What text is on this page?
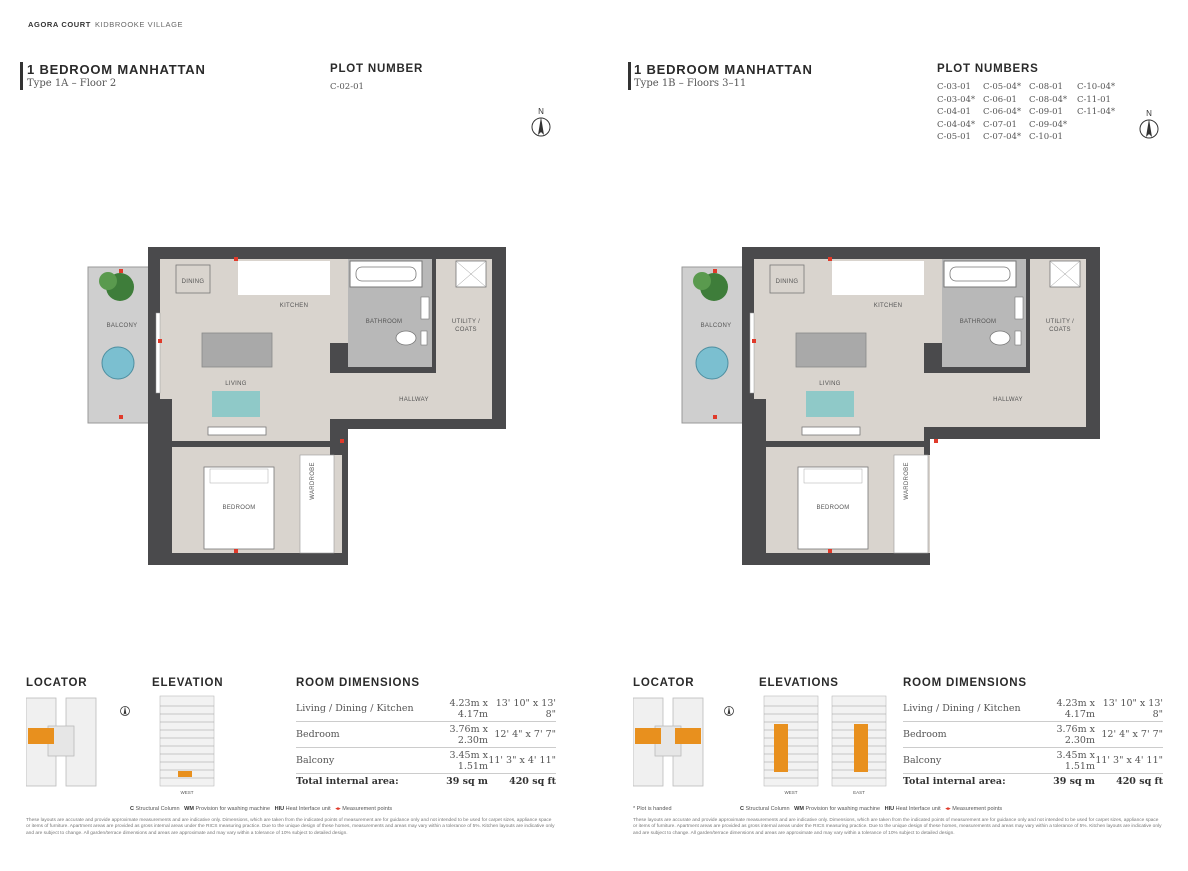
AGORA COURT KIDBROOKE VILLAGE
1 BEDROOM MANHATTAN
Type 1A – Floor 2
PLOT NUMBER
C-02-01
N
DINING
KITCHEN
BATHROOM	UTILITY /
COATS
BALCONY
LIVING
HALLWAY
BEDROOM
WARDROBE
LOCATOR	ELEVATION
WEST
ROOM DIMENSIONS
Living / Dining / Kitchen	4.23m x 4.17m	13' 10" x 13' 8"
Bedroom	3.76m x 2.30m	12' 4" x 7' 7"
Balcony	3.45m x 1.51m	11' 3" x 4' 11"
Total internal area:	39 sq m	420 sq ft
C Structural Column WM Provision for washing machine HIU Heat Interface unit ◂▸ Measurement points
These layouts are accurate and provide approximate measurements and are indicative only. Dimensions, which are taken from the indicated points of measurement are for guidance only and not intended to be used for carpet sizes, appliance space or items of furniture. Apartment areas are provided as gross internal areas under the RICS measuring practice. Due to the unique design of these homes, measurements and areas may vary within a tolerance of 5%. Kitchen layouts are indicative only and are subject to change. All garden/terrace dimensions and areas are approximate and may vary within a tolerance of 10% subject to detailed design.
1 BEDROOM MANHATTAN
Type 1B – Floors 3–11
PLOT NUMBERS
C-03-01	C-05-04* C-08-01	C-10-04*
C-03-04* C-06-01	C-08-04*	C-11-01
C-04-01	C-06-04* C-09-01	C-11-04*
C-04-04* C-07-01	C-09-04*
C-05-01	C-07-04* C-10-01
N
DINING
KITCHEN
BATHROOM	UTILITY /
COATS
BALCONY
LIVING
HALLWAY
BEDROOM
WARDROBE
LOCATOR	ELEVATIONS
WEST	EAST
ROOM DIMENSIONS
Living / Dining / Kitchen	4.23m x 4.17m	13' 10" x 13' 8"
Bedroom	3.76m x 2.30m	12' 4" x 7' 7"
Balcony	3.45m x 1.51m	11' 3" x 4' 11"
Total internal area:	39 sq m	420 sq ft
* Plot is handed	C Structural Column WM Provision for washing machine HIU Heat Interface unit ◂▸ Measurement points
These layouts are accurate and provide approximate measurements and are indicative only. Dimensions, which are taken from the indicated points of measurement are for guidance only and not intended to be used for carpet sizes, appliance space or items of furniture. Apartment areas are provided as gross internal areas under the RICS measuring practice. Due to the unique design of these homes, measurements and areas may vary within a tolerance of 5%. Kitchen layouts are indicative only and are subject to change. All garden/terrace dimensions and areas are approximate and may vary within a tolerance of 10% subject to detailed design.
